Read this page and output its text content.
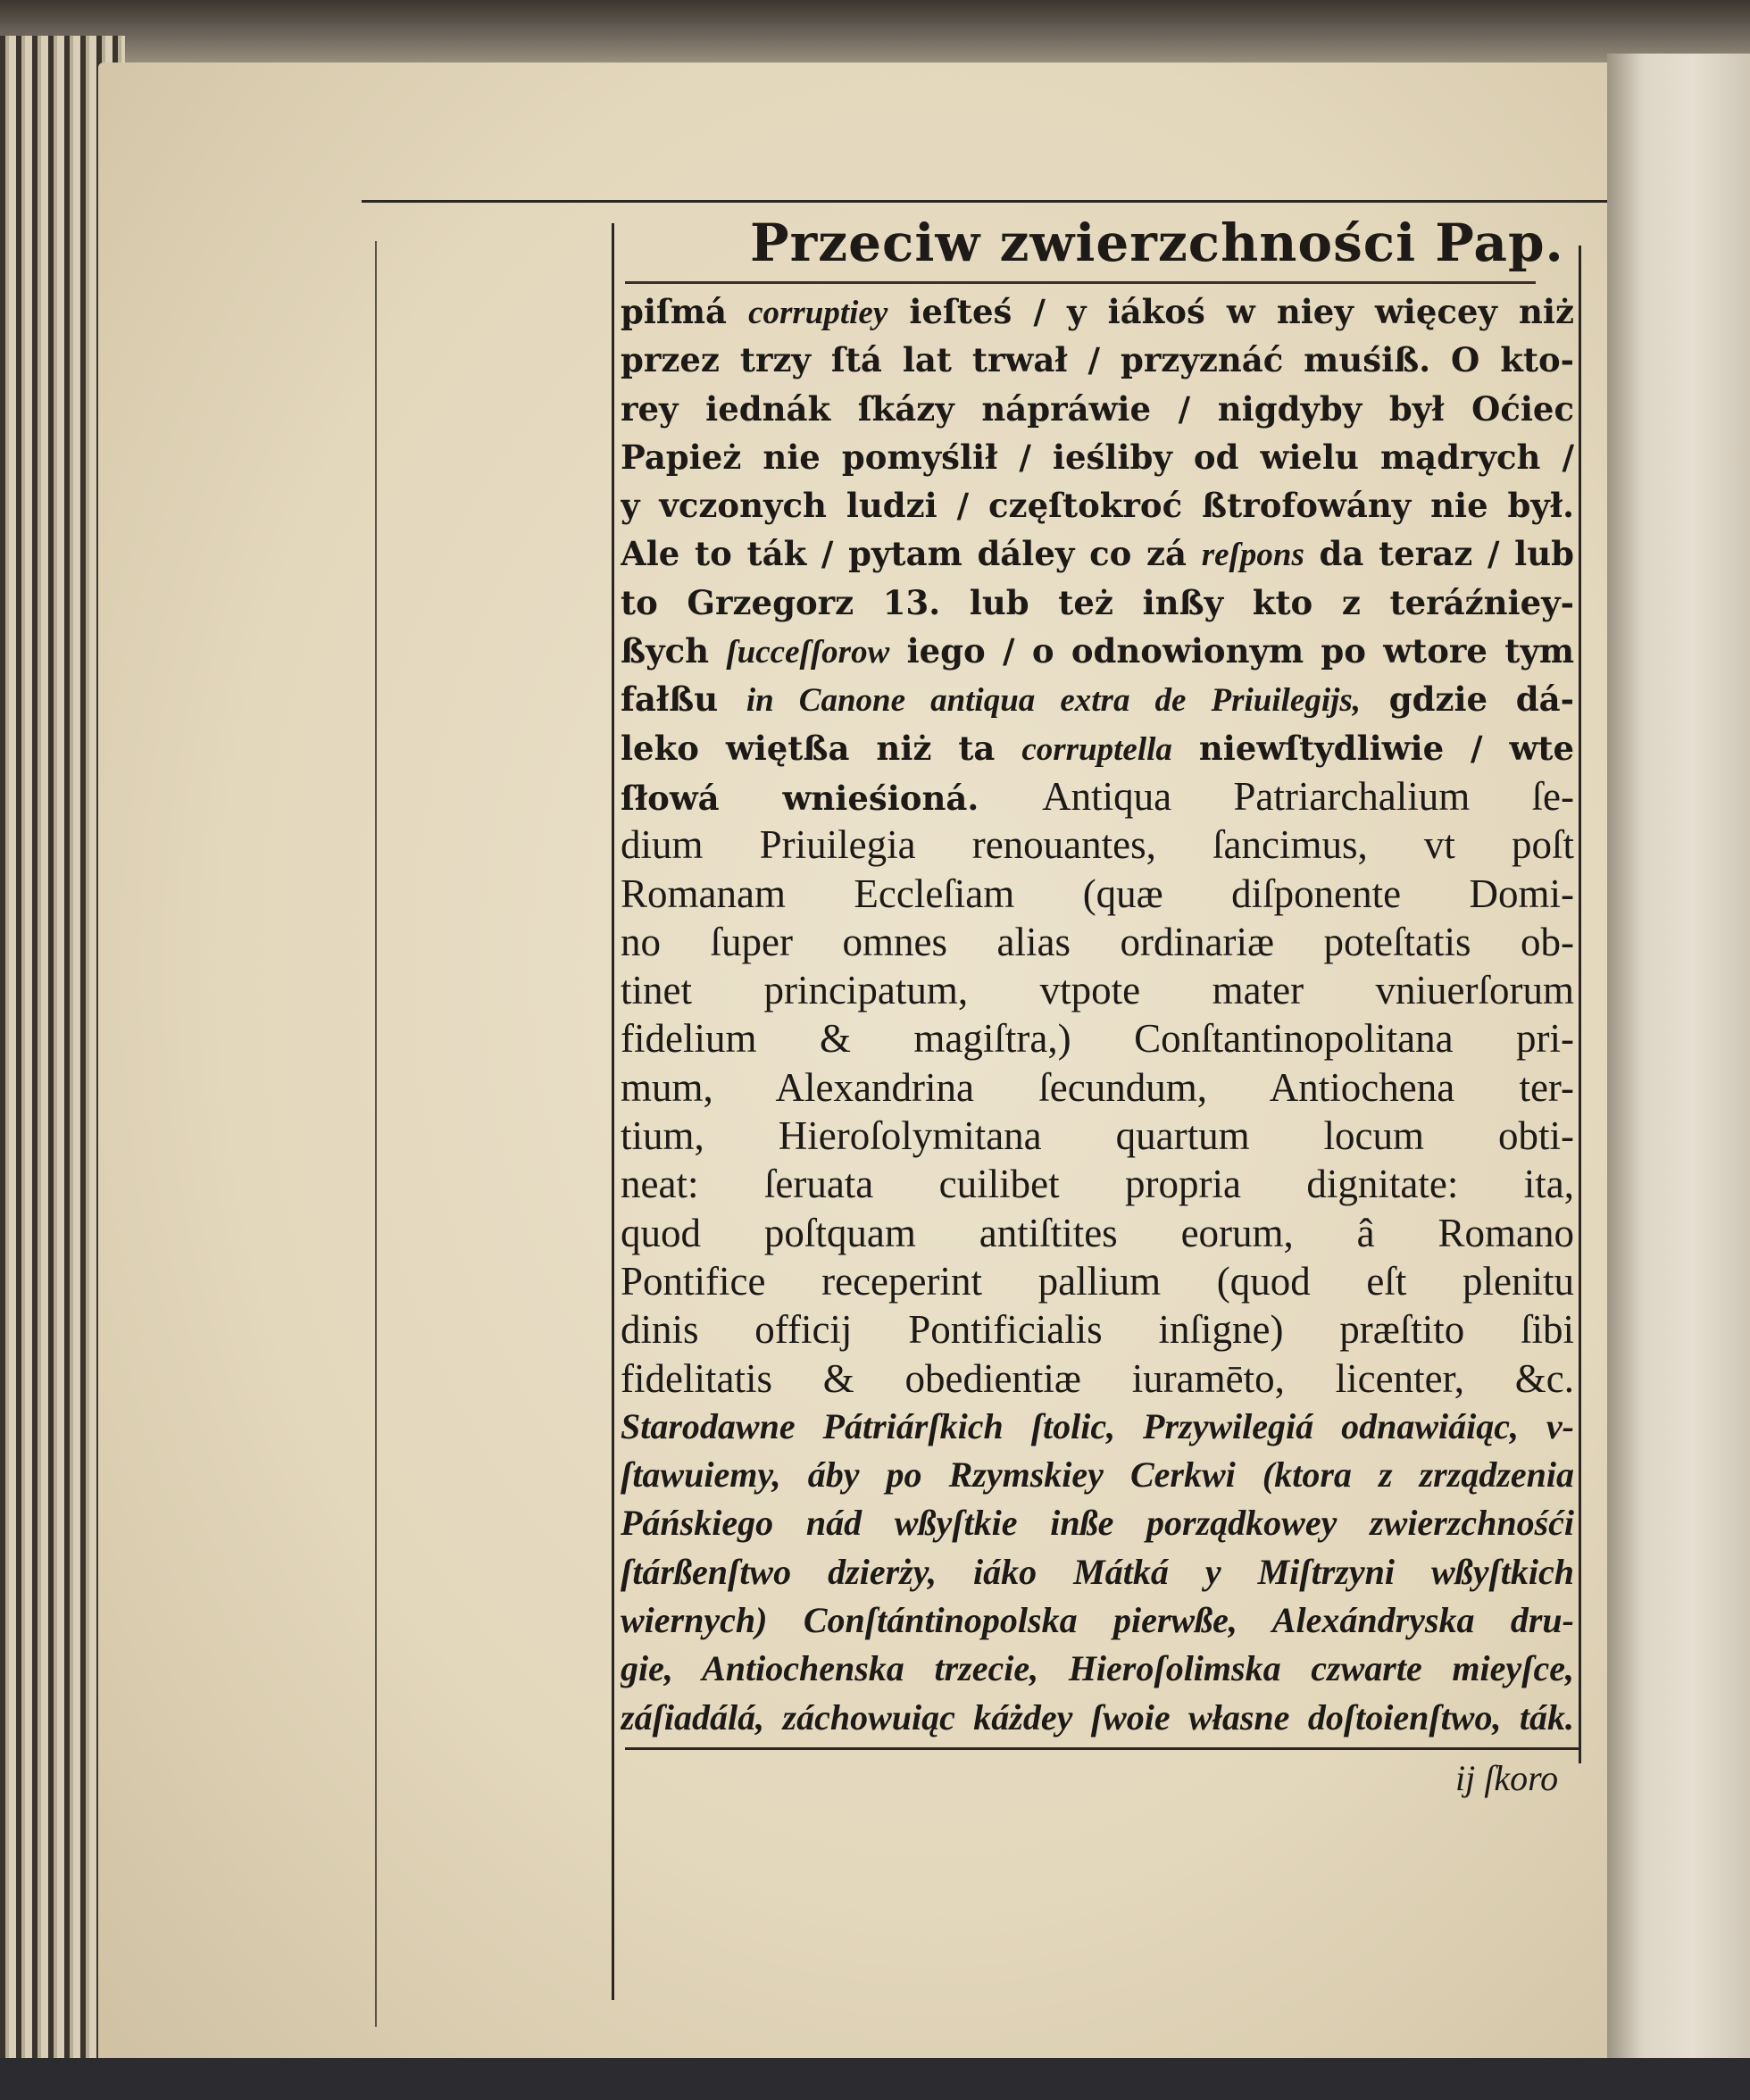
Przeciw zwierzchności Pap.
piſmá corruptiey ieſteś / y iákoś w niey więcey niż
przez trzy ſtá lat trwał / przyznáć muśiß. O kto-
rey iednák ſkázy nápráwie / nigdyby był Oćiec
Papież nie pomyślił / ieśliby od wielu mądrych /
y vczonych ludzi / częſtokroć ßtrofowány nie był.
Ale to ták / pytam dáley co zá reſpons da teraz / lub
to Grzegorz 13. lub też inßy kto z teráźniey-
ßych ſucceſſorow iego / o odnowionym po wtore tym
fałßu in Canone antiqua extra de Priuilegijs, gdzie dá-
leko więtßa niż ta corruptella niewſtydliwie / wte
ſłowá wnieśioná. Antiqua Patriarchalium ſe-
dium Priuilegia renouantes, ſancimus, vt poſt
Romanam Eccleſiam (quæ diſponente Domi-
no ſuper omnes alias ordinariæ poteſtatis ob-
tinet principatum, vtpote mater vniuerſorum
fidelium & magiſtra,) Conſtantinopolitana pri-
mum, Alexandrina ſecundum, Antiochena ter-
tium, Hieroſolymitana quartum locum obti-
neat: ſeruata cuilibet propria dignitate: ita,
quod poſtquam antiſtites eorum, â Romano
Pontifice receperint pallium (quod eſt plenitu
dinis officij Pontificialis inſigne) præſtito ſibi
fidelitatis & obedientiæ iuramēto, licenter, &c.
Starodawne Pátriárſkich ſtolic, Przywilegiá odnawiáiąc, v-
ſtawuiemy, áby po Rzymskiey Cerkwi (ktora z zrządzenia
Páńskiego nád wßyſtkie inße porządkowey zwierzchnośći
ſtárßenſtwo dzierży, iáko Mátká y Miſtrzyni wßyſtkich
wiernych) Conſtántinopolska pierwße, Alexándryska dru-
gie, Antiochenska trzecie, Hieroſolimska czwarte mieyſce,
záſiadálá, záchowuiąc káżdey ſwoie własne doſtoienſtwo, ták.
ij ſkoro
